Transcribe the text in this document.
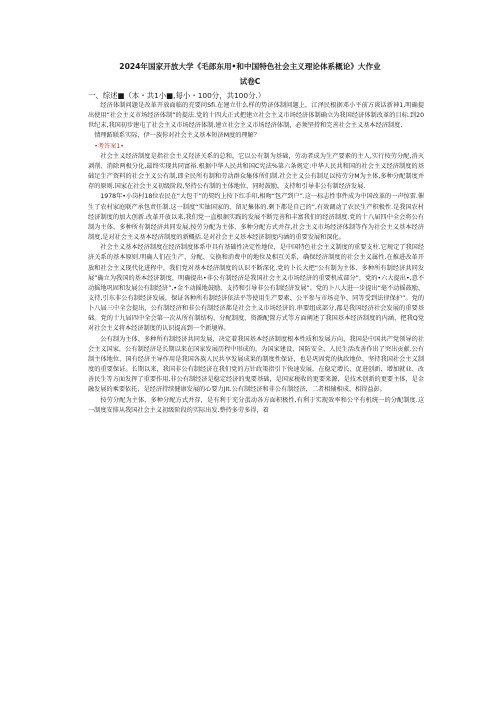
2024年国家开放大学《毛郎东用•和中国特色社会主义理论体系概论》大作业
试卷C
一、综述■（本・共1小■,每小・100分，共100分.）

经济体制问题是改革开放面临的充要问Sfi.在建立什么样的势济体制问题上，江泽民根据邓小平前方谈话新神1,明确提出使用“社会主义市场经济体制”的提法.党的十四大正式把建立社会主义市场经济体制确立为我国经济体制改革的目标.到20世纪末,我国初步建屯了社会主义市场经济体制,建立社会主义市场经济体制，必须坚持和完善社会主义基本经济制度.

情理跖联系实际，伊一族你对社会主义基本短济M度的理解？

•考答案1•

社会主义经济制度是指社会主义羟济关系的总和，它以公有制为基础，劳动者成为生产要素的主人,实行按劳分配,消灭剥削、消除两极分化,最终实现共同富裕.根据中华人民共和国C宪法%第六条规定:中华人民共和国的社会主义经济制度的基础足生产资料的社会主义公有制,即全民所有制和劳动群众集体所们制.社会主义公有制足以按劳分M为主体,多种分配制度并存的原则.国家在社会主义初级阶段,坚持公有制的主体地位，同时鼓励、支持和引导非公有制经济发展.

1978年•小岗村18位农民在“大包干”的契约上按下红手印,相吻“包产到户”.这一标志性事件成为中国改革的一声惊雷.催生了农村家庭联产承包责任制.这一制度“实铀国家的、留足集体的.剩下都是自己的”,有效调动了农民生产积极性.是我国农村经济制度的加大创新.改革开放以来,我们党一直根据实践的发展不断完善和丰富我们的经济制度.党的十八届四中全会将公有制为主体、多种所有制经济共同发展,按劳分配为主体、多种分配方式并存,社会主义市场经济体制等作为社会主义基本经济制度,是对社会主义基本经济制度的新概括.是对社会主义基本经济制度内涵的重要发展和深化。

社会主义基本经济制度在经济制度体系中具有基础性决定性地位，是中国特色社会主义制度的重要支柱.它规定了我国经济关系的基本原则.明确人们在生产、分配、交换和消费中的地位及相互关系，确保经济制度的社会主义属性.在推进改革开放和社会主义现代化进程中，我们党对基本经济制度的认识不断深化.党的卜长大把“公有制为主体、多种所有制经济共同发展”确立为我国的基本经济制度，明确提出•非公有制经济是我国社会主义市场经济的重要机成部分”，党的•六大提出•,意不动摇地巩固和发展公有制经济”,•金不动摇地鼓励、支持和引导非公有制经济发展”。党的卜八大进一步提出“毫不动摇鼓励、支持,引东非公有制经济发展，保证各种所有制经济依法平等使用生产要素、公平参与市场竞争、同等受到法律保护”。党的卜八届三中全会提出，公有制经济和非公有制经济都是社会主义市场经济的.串要组成部分,都是我国经济社会发展的重要基础。党的十九届四中全会第一次从所有制结构、分配制度、资源配置方式等方面阐述了我国基本经济制度的内涵，把我Q党对社会主义将本经济制度的认识提高到一个新境界。

公有制为主体、多种所有制经济共同发展，决定着我国基本经济制度根本性质和发展方向，我国是中国共产党领导的社会主义国家，公有制经济是长期以来在国家发展历程中形成的，为国家建设、国防安全、人民生活改善作出了突出贡献.公有制主体地位、国有经济主导作用是我国各族人民共享发展成果的制度性保证，也是巩固党的执政地位、坚持我国社会主义制度的重要保证。长期以来，我国非公有制经济在我们党的方针政策指引下快速发展，在稳定增长、促进创新、增加就业、改善民生等方面发挥了重要作用.非公有制经济是稳定经济的鬼要基础，是国家税收的更要来源，是技术创新的更要主体，是金融发展的乘要依托，是经济持续健康发展的心要力JIt.公有制经济和非公有制经济，二者相辅相成、相得益彭。

按劳分配为主体、多种分配方式并存，是有利于充分蛋动各方面积极性,有利于实现效率和公平有机统一的分配制度.这一制度安排从我国社会主义初级阶段的实际出发.整持多劳多得，着
